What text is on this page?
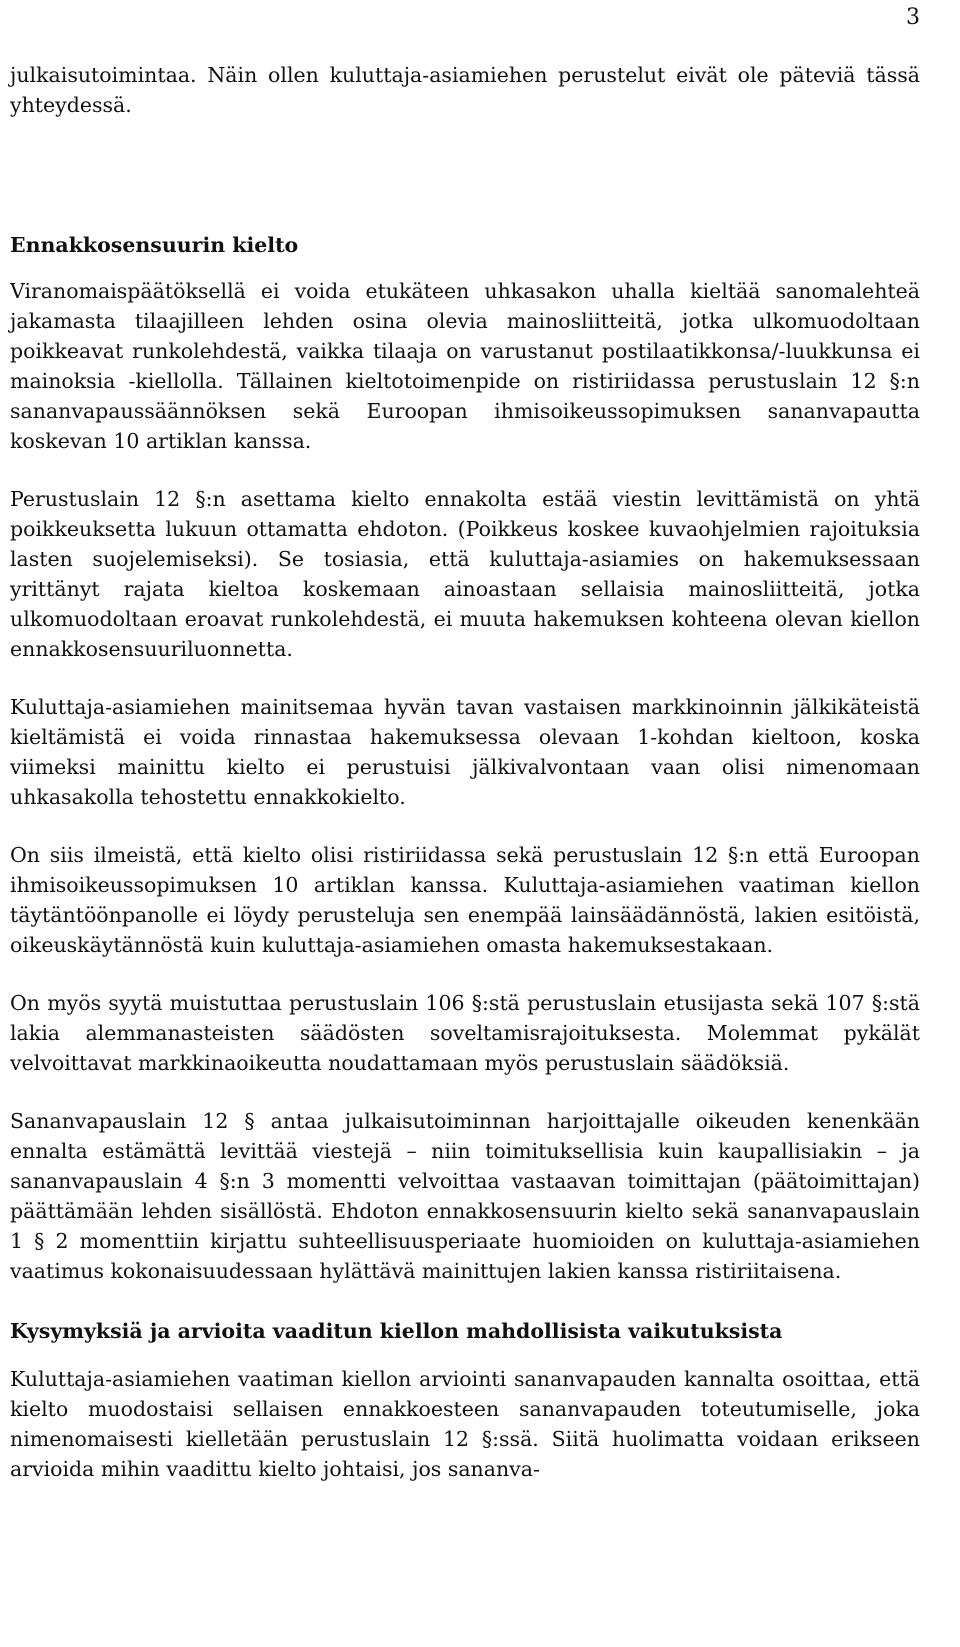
3

julkaisutoimintaa. Näin ollen kuluttaja-asiamiehen perustelut eivät ole päteviä tässä yhteydessä.

Ennakkosensuurin kielto

Viranomaispäätöksellä ei voida etukäteen uhkasakon uhalla kieltää sanomalehteä jakamasta tilaajilleen lehden osina olevia mainosliitteitä, jotka ulkomuodoltaan poikkeavat runkolehdestä, vaikka tilaaja on varustanut postilaatikkonsa/-luukkunsa ei mainoksia -kiellolla. Tällainen kieltotoimenpide on ristiriidassa perustuslain 12 §:n sananvapaussäännöksen sekä Euroopan ihmisoikeussopimuksen sananvapautta koskevan 10 artiklan kanssa.

Perustuslain 12 §:n asettama kielto ennakolta estää viestin levittämistä on yhtä poikkeuksetta lukuun ottamatta ehdoton. (Poikkeus koskee kuvaohjelmien rajoituksia lasten suojelemiseksi). Se tosiasia, että kuluttaja-asiamies on hakemuksessaan yrittänyt rajata kieltoa koskemaan ainoastaan sellaisia mainosliitteitä, jotka ulkomuodoltaan eroavat runkolehdestä, ei muuta hakemuksen kohteena olevan kiellon ennakkosensuuriluonnetta.

Kuluttaja-asiamiehen mainitsemaa hyvän tavan vastaisen markkinoinnin jälkikäteistä kieltämistä ei voida rinnastaa hakemuksessa olevaan 1-kohdan kieltoon, koska viimeksi mainittu kielto ei perustuisi jälkivalvontaan vaan olisi nimenomaan uhkasakolla tehostettu ennakkokielto.

On siis ilmeistä, että kielto olisi ristiriidassa sekä perustuslain 12 §:n että Euroopan ihmisoikeussopimuksen 10 artiklan kanssa. Kuluttaja-asiamiehen vaatiman kiellon täytäntöönpanolle ei löydy perusteluja sen enempää lainsäädännöstä, lakien esitöistä, oikeuskäytännöstä kuin kuluttaja-asiamiehen omasta hakemuksestakaan.

On myös syytä muistuttaa perustuslain 106 §:stä perustuslain etusijasta sekä 107 §:stä lakia alemmanasteisten säädösten soveltamisrajoituksesta. Molemmat pykälät velvoittavat markkinaoikeutta noudattamaan myös perustuslain säädöksiä.

Sananvapauslain 12 § antaa julkaisutoiminnan harjoittajalle oikeuden kenenkään ennalta estämättä levittää viestejä – niin toimituksellisia kuin kaupallisiakin – ja sananvapauslain 4 §:n 3 momentti velvoittaa vastaavan toimittajan (päätoimittajan) päättämään lehden sisällöstä. Ehdoton ennakkosensuurin kielto sekä sananvapauslain 1 § 2 momenttiin kirjattu suhteellisuusperiaate huomioiden on kuluttaja-asiamiehen vaatimus kokonaisuudessaan hylättävä mainittujen lakien kanssa ristiriitaisena.

Kysymyksiä ja arvioita vaaditun kiellon mahdollisista vaikutuksista

Kuluttaja-asiamiehen vaatiman kiellon arviointi sananvapauden kannalta osoittaa, että kielto muodostaisi sellaisen ennakkoesteen sananvapauden toteutumiselle, joka nimenomaisesti kielletään perustuslain 12 §:ssä. Siitä huolimatta voidaan erikseen arvioida mihin vaadittu kielto johtaisi, jos sananva-
